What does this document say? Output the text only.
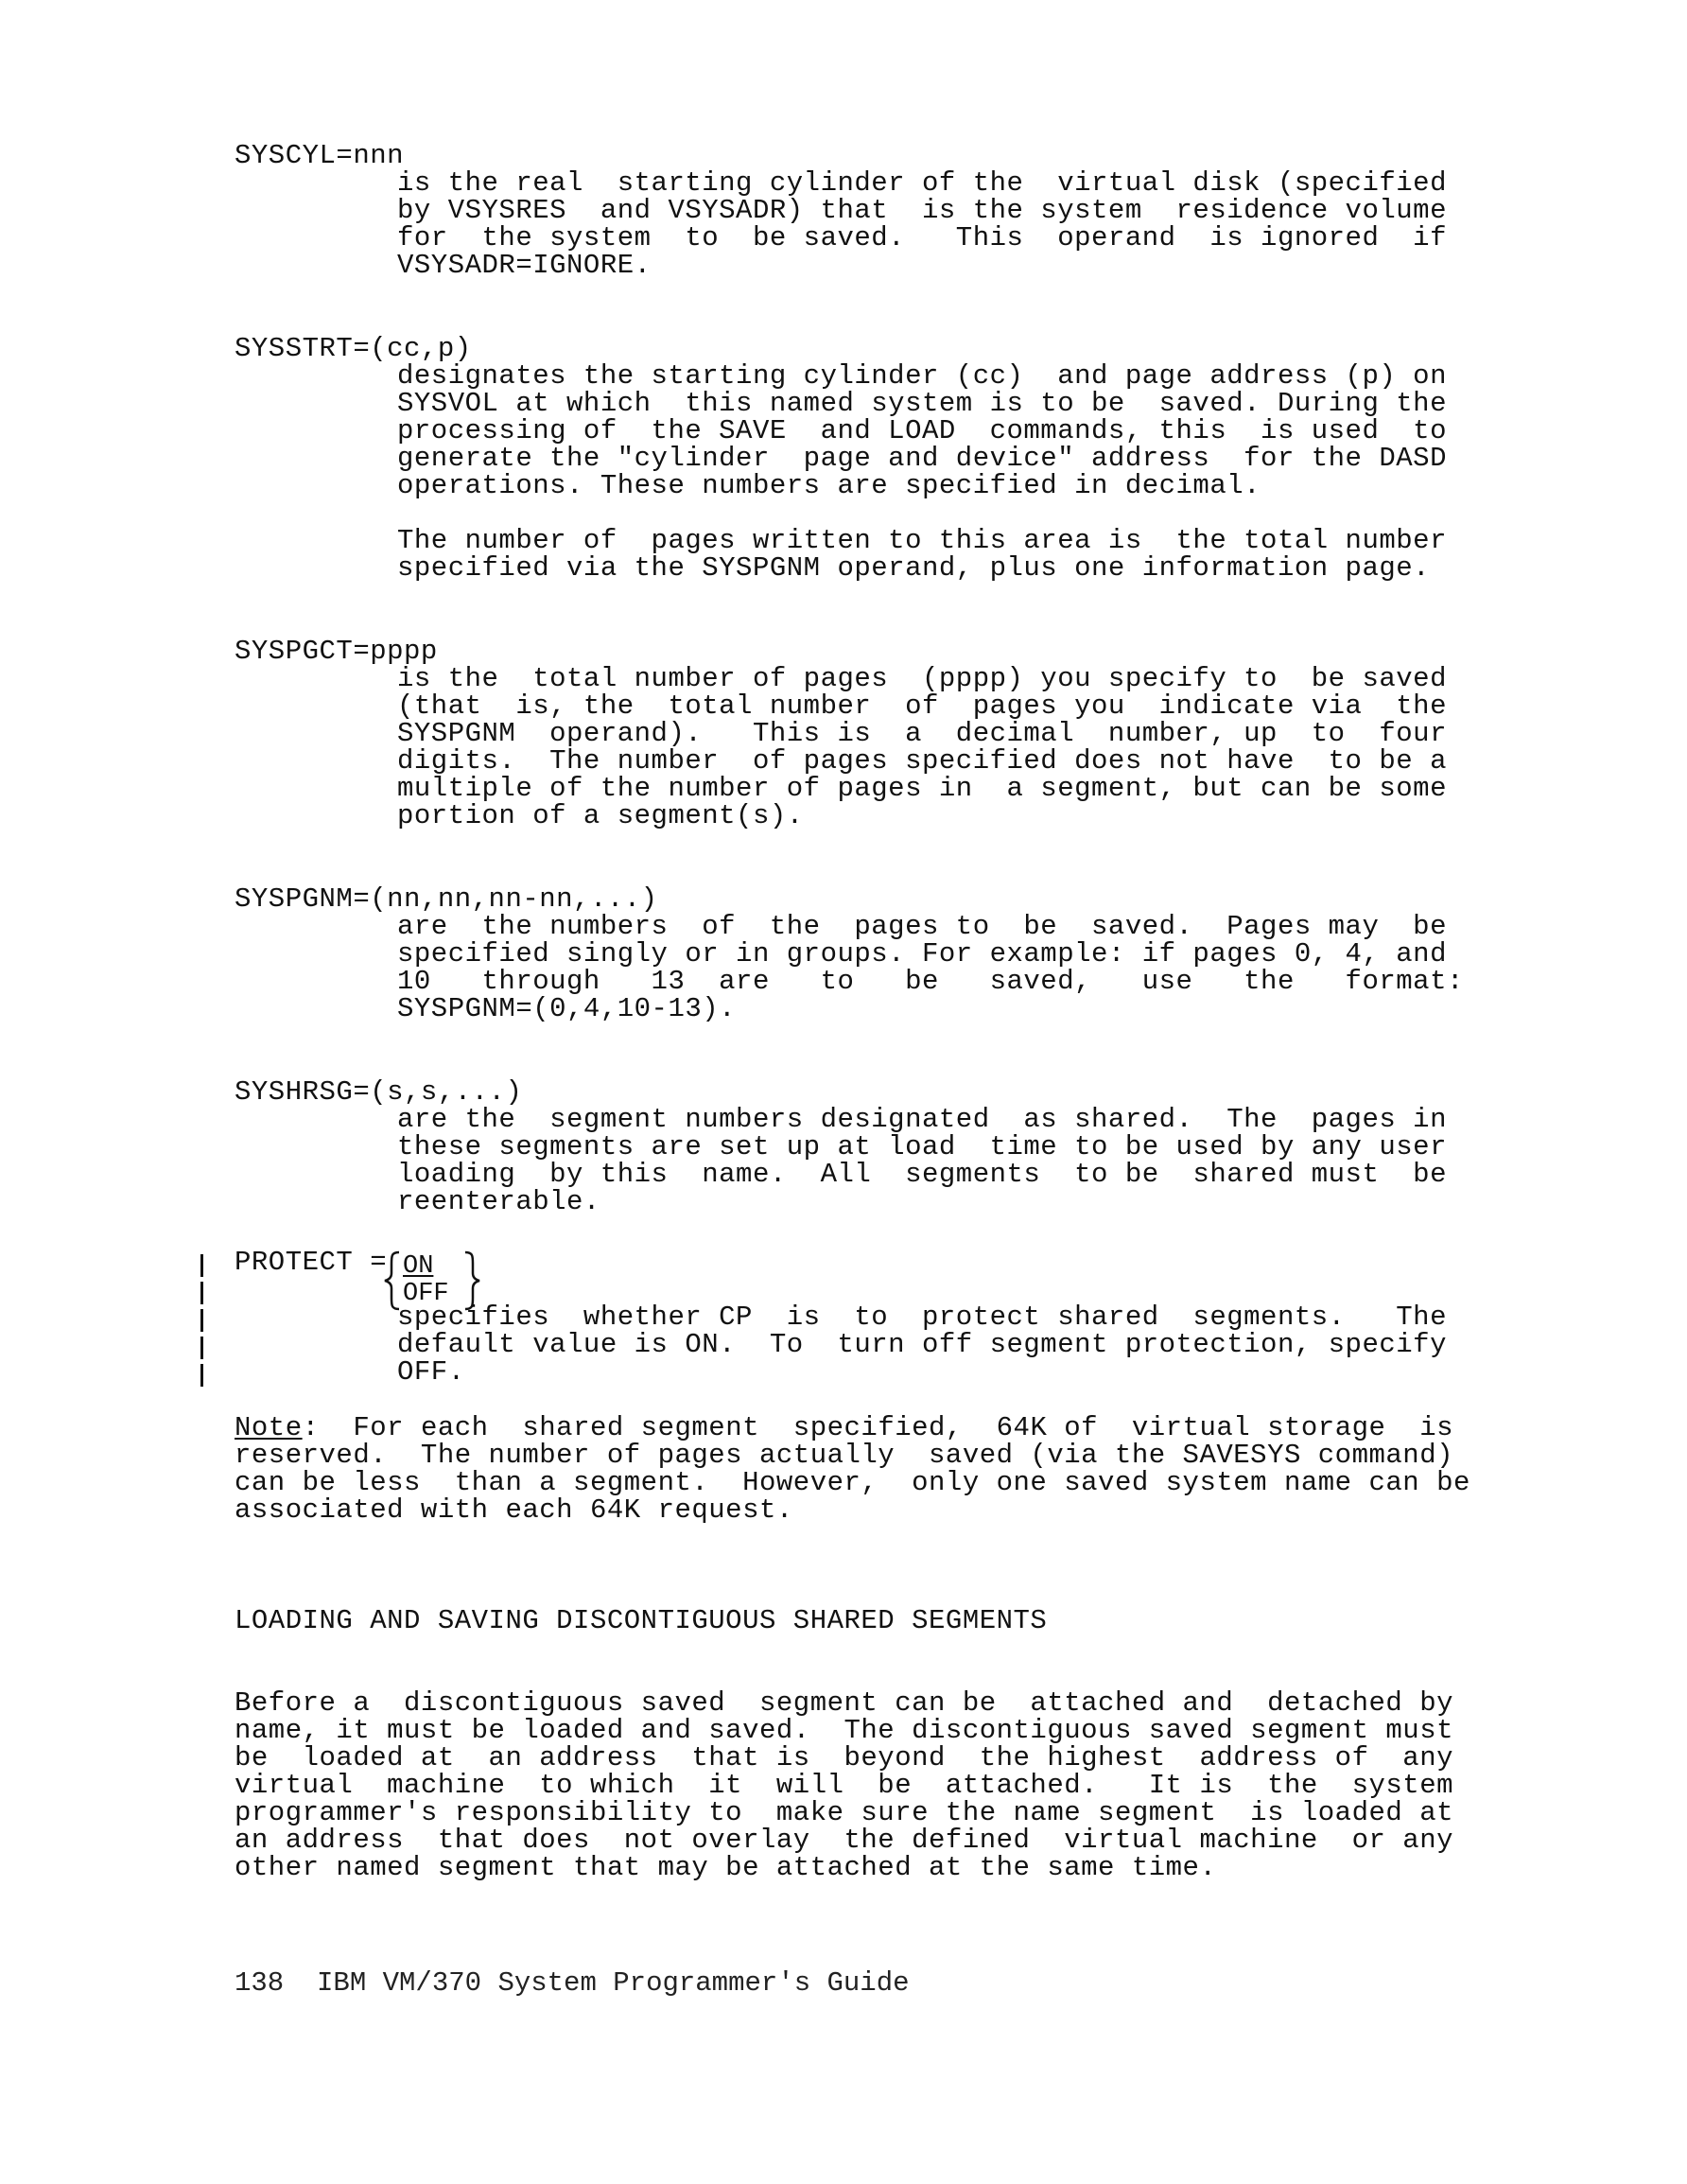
SYSCYL=nnn
is the real  starting cylinder of the  virtual disk (specified
by VSYSRES  and VSYSADR) that  is the system  residence volume
for  the system  to  be saved.   This  operand  is ignored  if
VSYSADR=IGNORE.
SYSSTRT=(cc,p)
designates the starting cylinder (cc)  and page address (p) on
SYSVOL at which  this named system is to be  saved. During the
processing of  the SAVE  and LOAD  commands, this  is used  to
generate the "cylinder  page and device" address  for the DASD
operations. These numbers are specified in decimal.
The number of  pages written to this area is  the total number
specified via the SYSPGNM operand, plus one information page.
SYSPGCT=pppp
is the  total number of pages  (pppp) you specify to  be saved
(that  is, the  total number  of  pages you  indicate via  the
SYSPGNM  operand).   This is  a  decimal  number, up  to  four
digits.  The number  of pages specified does not have  to be a
multiple of the number of pages in  a segment, but can be some
portion of a segment(s).
SYSPGNM=(nn,nn,nn-nn,...)
are  the numbers  of  the  pages to  be  saved.  Pages may  be
specified singly or in groups. For example: if pages 0, 4, and
10   through   13  are   to   be   saved,   use   the   format:
SYSPGNM=(0,4,10-13).
SYSHRSG=(s,s,...)
are the  segment numbers designated  as shared.  The  pages in
these segments are set up at load  time to be used by any user
loading  by this  name.  All  segments  to be  shared must  be
reenterable.
PROTECT = ON
OFF
specifies  whether CP  is  to  protect shared  segments.   The
default value is ON.  To  turn off segment protection, specify
OFF.
Note:  For each  shared segment  specified,  64K of  virtual storage  is
reserved.  The number of pages actually  saved (via the SAVESYS command)
can be less  than a segment.  However,  only one saved system name can be
associated with each 64K request.
LOADING AND SAVING DISCONTIGUOUS SHARED SEGMENTS
Before a  discontiguous saved  segment can be  attached and  detached by
name, it must be loaded and saved.  The discontiguous saved segment must
be  loaded at  an address  that is  beyond  the highest  address of  any
virtual  machine  to which  it  will  be  attached.   It is  the  system
programmer's responsibility to  make sure the name segment  is loaded at
an address  that does  not overlay  the defined  virtual machine  or any
other named segment that may be attached at the same time.
138  IBM VM/370 System Programmer's Guide
